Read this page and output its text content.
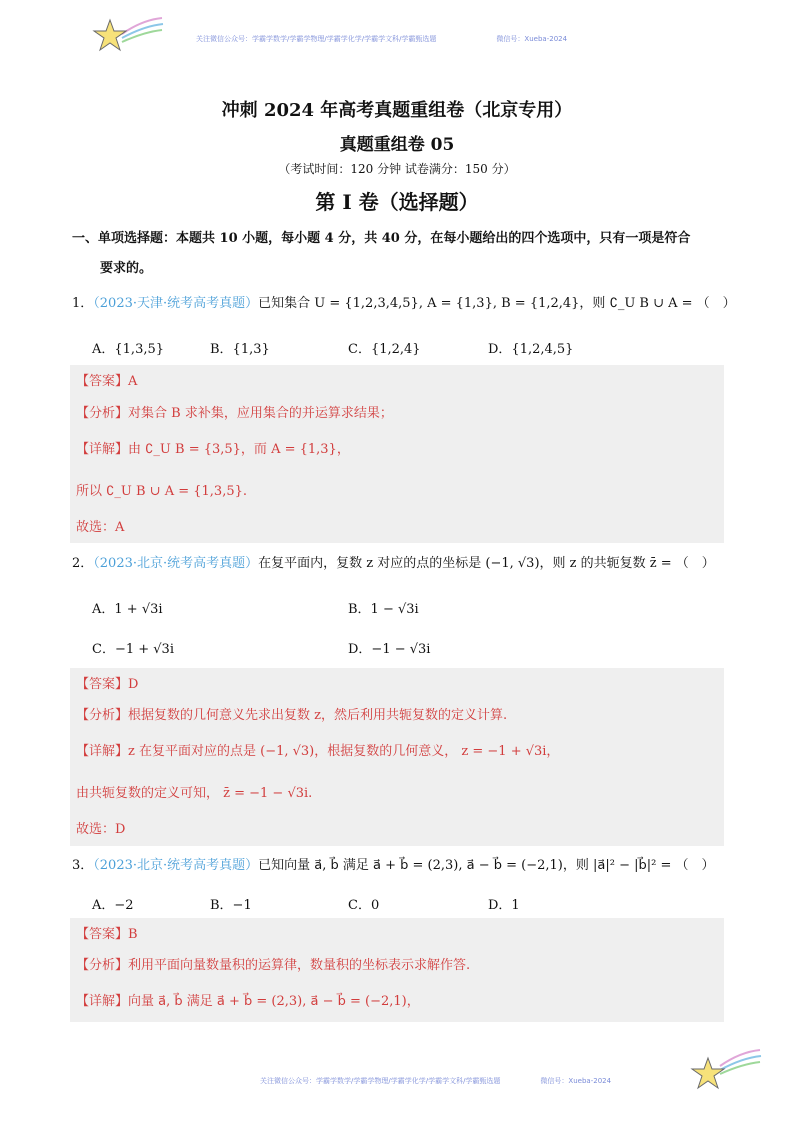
关注微信公众号：学霸学数学/学霸学物理/学霸学化学/学霸学文科/学霸甄选题	微信号：Xueba-2024
冲刺 2024 年高考真题重组卷（北京专用）
真题重组卷 05
（考试时间：120 分钟 试卷满分：150 分）
第 I 卷（选择题）
一、单项选择题：本题共 10 小题，每小题 4 分，共 40 分，在每小题给出的四个选项中，只有一项是符合
要求的。
1．（2023·天津·统考高考真题）已知集合 U = {1,2,3,4,5}, A = {1,3}, B = {1,2,4}，则 ∁_U B ∪ A = （　）
A．{1,3,5}	B．{1,3}	C．{1,2,4}	D．{1,2,4,5}
【答案】A
【分析】对集合 B 求补集，应用集合的并运算求结果；
【详解】由 ∁_U B = {3,5}，而 A = {1,3}，
所以 ∁_U B ∪ A = {1,3,5}.
故选：A
2．（2023·北京·统考高考真题）在复平面内，复数 z 对应的点的坐标是 (−1, √3)，则 z 的共轭复数 z̄ = （　）
A．1 + √3i	B．1 − √3i
C．−1 + √3i	D．−1 − √3i
【答案】D
【分析】根据复数的几何意义先求出复数 z，然后利用共轭复数的定义计算.
【详解】z 在复平面对应的点是 (−1, √3)，根据复数的几何意义， z = −1 + √3i，
由共轭复数的定义可知， z̄ = −1 − √3i.
故选：D
3．（2023·北京·统考高考真题）已知向量 a⃗, b⃗ 满足 a⃗ + b⃗ = (2,3), a⃗ − b⃗ = (−2,1)，则 |a⃗|² − |b⃗|² = （　）
A．−2	B．−1	C．0	D．1
【答案】B
【分析】利用平面向量数量积的运算律，数量积的坐标表示求解作答.
【详解】向量 a⃗, b⃗ 满足 a⃗ + b⃗ = (2,3), a⃗ − b⃗ = (−2,1)，
关注微信公众号：学霸学数学/学霸学物理/学霸学化学/学霸学文科/学霸甄选题	微信号：Xueba-2024
